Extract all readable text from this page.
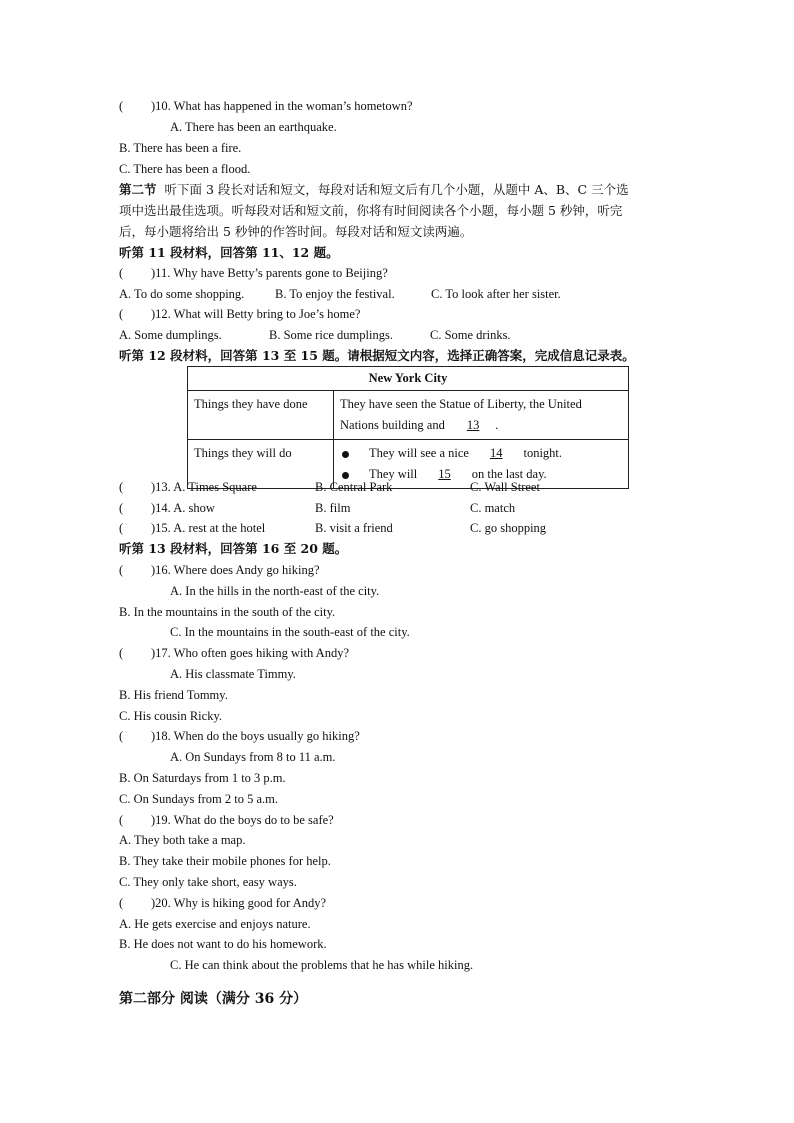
( )10. What has happened in the woman’s hometown?
A. There has been an earthquake.
B. There has been a fire.
C. There has been a flood.
第二节 听下面 3 段长对话和短文，每段对话和短文后有几个小题，从题中 A、B、C 三个选
项中选出最佳选项。听每段对话和短文前，你将有时间阅读各个小题，每小题 5 秒钟，听完
后，每小题将给出 5 秒钟的作答时间。每段对话和短文读两遍。
听第 11 段材料，回答第 11、12 题。
( )11. Why have Betty’s parents gone to Beijing?
A. To do some shopping. B. To enjoy the festival.	C. To look after her sister.
( )12. What will Betty bring to Joe’s home?
A. Some dumplings.	B. Some rice dumplings.	C. Some drinks.
听第 12 段材料，回答第 13 至 15 题。请根据短文内容，选择正确答案，完成信息记录表。
New York City	
Things they have done	They have seen the Statue of Liberty, the United
Nations building and 13 .

Things they will do	They will see a nice 14 tonight.
They will 15 on the last day.
( )13. A. Times Square	B. Central Park	C. Wall Street
( )14. A. show	B. film	C. match
( )15. A. rest at the hotel	B. visit a friend	C. go shopping
听第 13 段材料，回答第 16 至 20 题。
( )16. Where does Andy go hiking?
A. In the hills in the north-east of the city.
B. In the mountains in the south of the city.
C. In the mountains in the south-east of the city.
( )17. Who often goes hiking with Andy?
A. His classmate Timmy.
B. His friend Tommy.
C. His cousin Ricky.
( )18. When do the boys usually go hiking?
A. On Sundays from 8 to 11 a.m.
B. On Saturdays from 1 to 3 p.m.
C. On Sundays from 2 to 5 a.m.
( )19. What do the boys do to be safe?
A. They both take a map.
B. They take their mobile phones for help.
C. They only take short, easy ways.
( )20. Why is hiking good for Andy?
A. He gets exercise and enjoys nature.
B. He does not want to do his homework.
C. He can think about the problems that he has while hiking.
第二部分 阅读（满分 36 分）
